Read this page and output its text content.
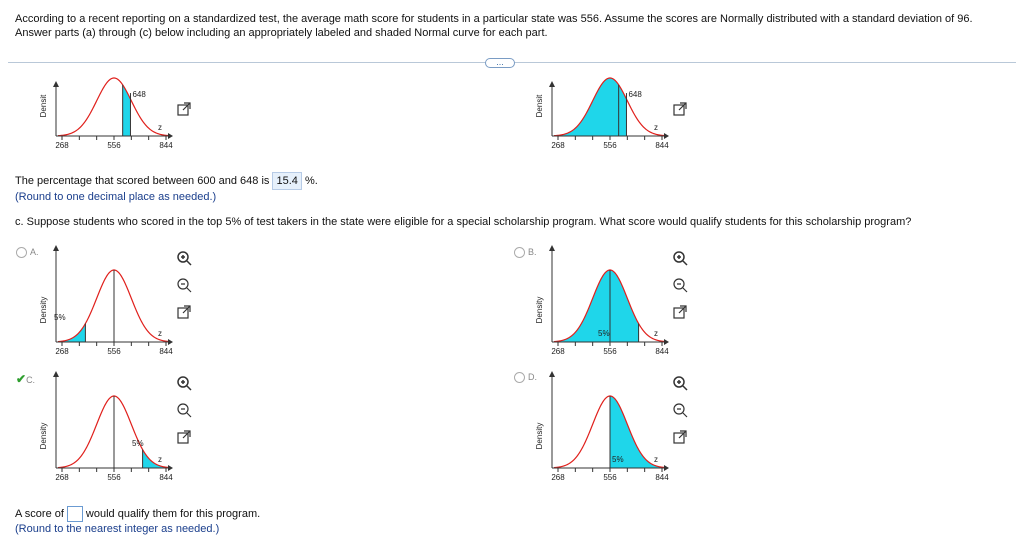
According to a recent reporting on a standardized test, the average math score for students in a particular state was 556. Assume the scores are Normally distributed with a standard deviation of 96.
Answer parts (a) through (c) below including an appropriately labeled and shaded Normal curve for each part.
...
648
268	556	844
z
Densit
648
268	556	844
z
Densit
The percentage that scored between 600 and 648 is 15.4 %.
(Round to one decimal place as needed.)
c. Suppose students who scored in the top 5% of test takers in the state were eligible for a special scholarship program. What score would qualify students for this scholarship program?
A.	B.
✔C.	D.
5%
268	556	844
z
Density
5%
268	556	844
z
Density
5%
268	556	844
z
Density
5%
268	556	844
z
Density
A score of would qualify them for this program.
(Round to the nearest integer as needed.)
